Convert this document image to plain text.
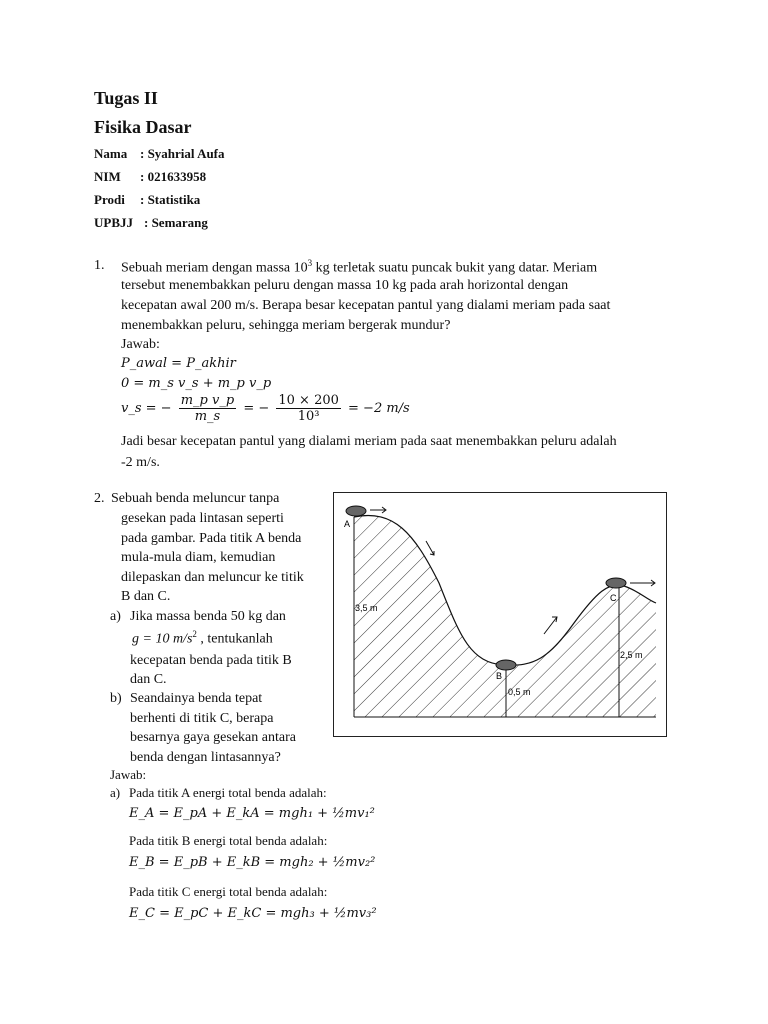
Tugas II
Fisika Dasar
Nama : Syahrial Aufa
NIM : 021633958
Prodi : Statistika
UPBJJ : Semarang
1. Sebuah meriam dengan massa $10^3$ kg terletak suatu puncak bukit yang datar. Meriam
tersebut menembakkan peluru dengan massa 10 kg pada arah horizontal dengan
kecepatan awal 200 m/s. Berapa besar kecepatan pantul yang dialami meriam pada saat
menembakkan peluru, sehingga meriam bergerak mundur?
Jawab:
P_awal = P_akhir
0 = m_s v_s + m_p v_p
v_s = − $\frac{\text{m\_p v\_p}}{m\_s}$ = − $\frac{10 \times 200}{\text{10³}} = -2$ m/s
Jadi besar kecepatan pantul yang dialami meriam pada saat menembakkan peluru adalah
-2 m/s.
2. Sebuah benda meluncur tanpa
gesekan pada lintasan seperti
pada gambar. Pada titik A benda
mula-mula diam, kemudian
dilepaskan dan meluncur ke titik
B dan C.
a) Jika massa benda 50 kg dan
g = 10 $m/s^2$ , tentukanlah
kecepatan benda pada titik B
dan C.
b) Seandainya benda tepat
berhenti di titik C, berapa
besarnya gaya gesekan antara
benda dengan lintasannya?
Jawab:
a) Pada titik A energi total benda adalah:
E_A = E_pA + E_kA = mgh₁ + ½mv₁²
Pada titik B energi total benda adalah:
E_B = E_pB + E_kB = mgh₂ + ½mv₂²
Pada titik C energi total benda adalah:
E_C = E_pC + E_kC = mgh₃ + ½mv₃²
A
B
C
3,5 m
0,5 m
2,5 m
